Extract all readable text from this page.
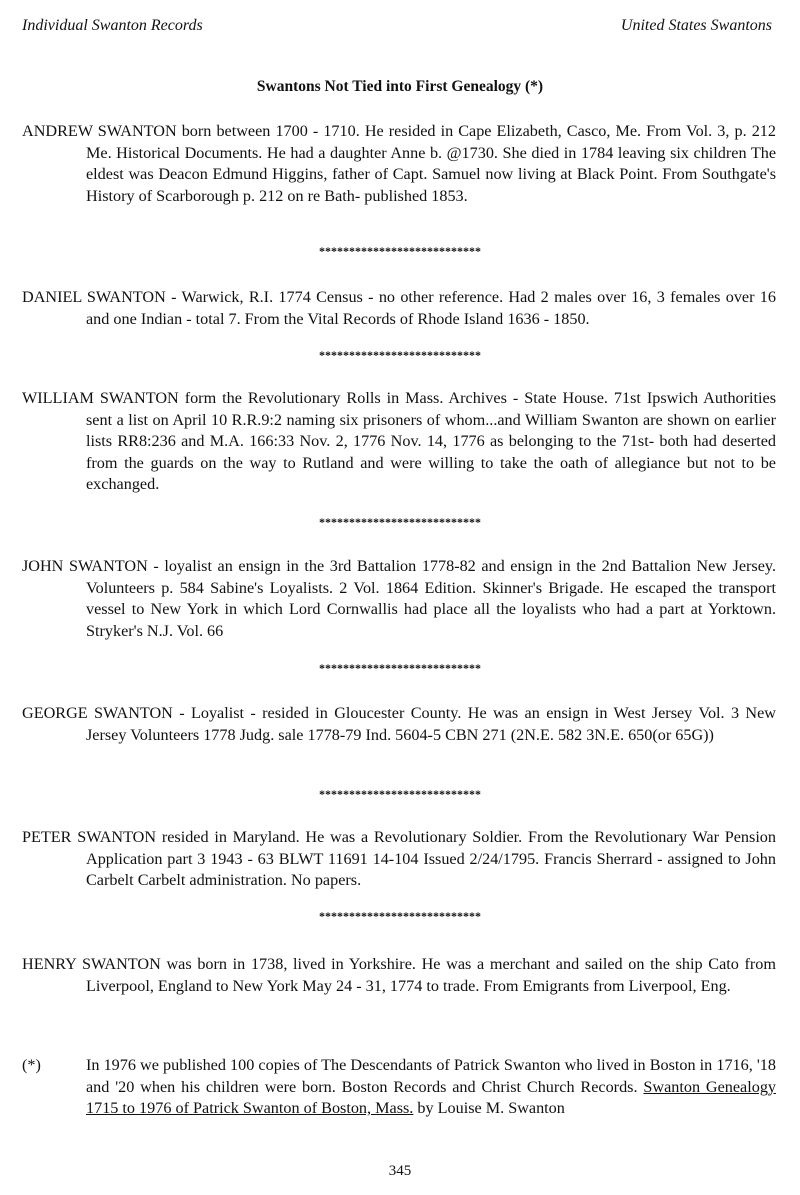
Individual Swanton Records	United States Swantons
Swantons Not Tied into First Genealogy (*)
ANDREW SWANTON born between 1700 - 1710. He resided in Cape Elizabeth, Casco, Me. From Vol. 3, p. 212 Me. Historical Documents. He had a daughter Anne b. @1730. She died in 1784 leaving six children The eldest was Deacon Edmund Higgins, father of Capt. Samuel now living at Black Point. From Southgate's History of Scarborough p. 212 on re Bath- published 1853.
***************************
DANIEL SWANTON - Warwick, R.I. 1774 Census - no other reference. Had 2 males over 16, 3 females over 16 and one Indian - total 7. From the Vital Records of Rhode Island 1636 - 1850.
***************************
WILLIAM SWANTON form the Revolutionary Rolls in Mass. Archives - State House. 71st Ipswich Authorities sent a list on April 10 R.R.9:2 naming six prisoners of whom...and William Swanton are shown on earlier lists RR8:236 and M.A. 166:33 Nov. 2, 1776 Nov. 14, 1776 as belonging to the 71st- both had deserted from the guards on the way to Rutland and were willing to take the oath of allegiance but not to be exchanged.
***************************
JOHN SWANTON - loyalist an ensign in the 3rd Battalion 1778-82 and ensign in the 2nd Battalion New Jersey. Volunteers p. 584 Sabine's Loyalists. 2 Vol. 1864 Edition. Skinner's Brigade. He escaped the transport vessel to New York in which Lord Cornwallis had place all the loyalists who had a part at Yorktown. Stryker's N.J. Vol. 66
***************************
GEORGE SWANTON - Loyalist - resided in Gloucester County. He was an ensign in West Jersey Vol. 3 New Jersey Volunteers 1778 Judg. sale 1778-79 Ind. 5604-5 CBN 271 (2N.E. 582 3N.E. 650(or 65G))
***************************
PETER SWANTON resided in Maryland. He was a Revolutionary Soldier. From the Revolutionary War Pension Application part 3 1943 - 63 BLWT 11691 14-104 Issued 2/24/1795. Francis Sherrard - assigned to John Carbelt Carbelt administration. No papers.
***************************
HENRY SWANTON was born in 1738, lived in Yorkshire. He was a merchant and sailed on the ship Cato from Liverpool, England to New York May 24 - 31, 1774 to trade. From Emigrants from Liverpool, Eng.
(*)	In 1976 we published 100 copies of The Descendants of Patrick Swanton who lived in Boston in 1716, '18 and '20 when his children were born. Boston Records and Christ Church Records. Swanton Genealogy 1715 to 1976 of Patrick Swanton of Boston, Mass. by Louise M. Swanton
345
